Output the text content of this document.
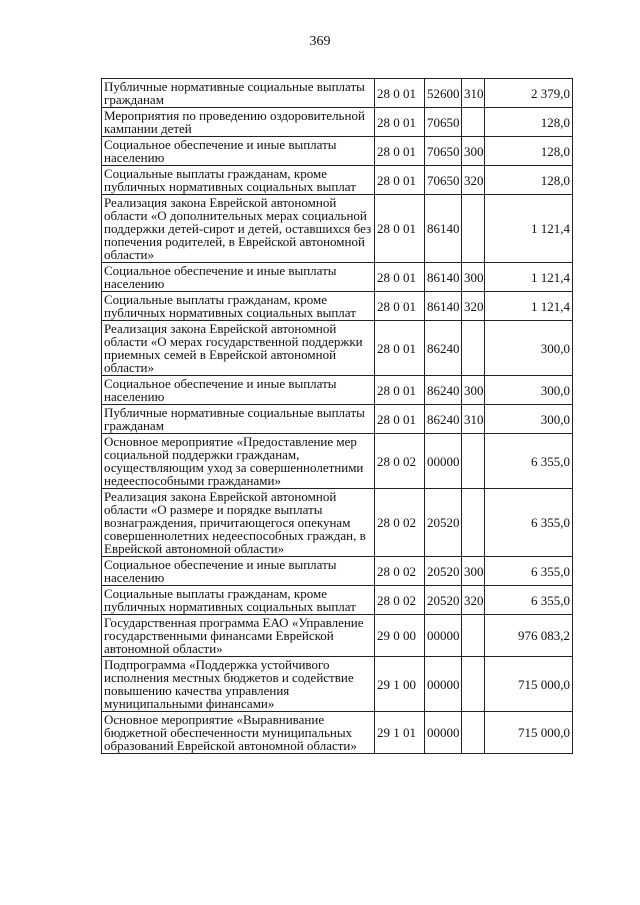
369
Публичные нормативные социальные выплаты гражданам	28 0 01	52600	310	2 379,0
Мероприятия по проведению оздоровительной кампании детей	28 0 01	70650		128,0
Социальное обеспечение и иные выплаты населению	28 0 01	70650	300	128,0
Социальные выплаты гражданам, кроме публичных нормативных социальных выплат	28 0 01	70650	320	128,0
Реализация закона Еврейской автономной области «О дополнительных мерах социальной поддержки детей-сирот и детей, оставшихся без попечения родителей, в Еврейской автономной области»	28 0 01	86140		1 121,4
Социальное обеспечение и иные выплаты населению	28 0 01	86140	300	1 121,4
Социальные выплаты гражданам, кроме публичных нормативных социальных выплат	28 0 01	86140	320	1 121,4
Реализация закона Еврейской автономной области «О мерах государственной поддержки приемных семей в Еврейской автономной области»	28 0 01	86240		300,0
Социальное обеспечение и иные выплаты населению	28 0 01	86240	300	300,0
Публичные нормативные социальные выплаты гражданам	28 0 01	86240	310	300,0
Основное мероприятие «Предоставление мер социальной поддержки гражданам, осуществляющим уход за совершеннолетними недееспособными гражданами»	28 0 02	00000		6 355,0
Реализация закона Еврейской автономной области «О размере и порядке выплаты вознаграждения, причитающегося опекунам совершеннолетних недееспособных граждан, в Еврейской автономной области»	28 0 02	20520		6 355,0
Социальное обеспечение и иные выплаты населению	28 0 02	20520	300	6 355,0
Социальные выплаты гражданам, кроме публичных нормативных социальных выплат	28 0 02	20520	320	6 355,0
Государственная программа ЕАО «Управление государственными финансами Еврейской автономной области»	29 0 00	00000		976 083,2
Подпрограмма «Поддержка устойчивого исполнения местных бюджетов и содействие повышению качества управления муниципальными финансами»	29 1 00	00000		715 000,0
Основное мероприятие «Выравнивание бюджетной обеспеченности муниципальных образований Еврейской автономной области»	29 1 01	00000		715 000,0
